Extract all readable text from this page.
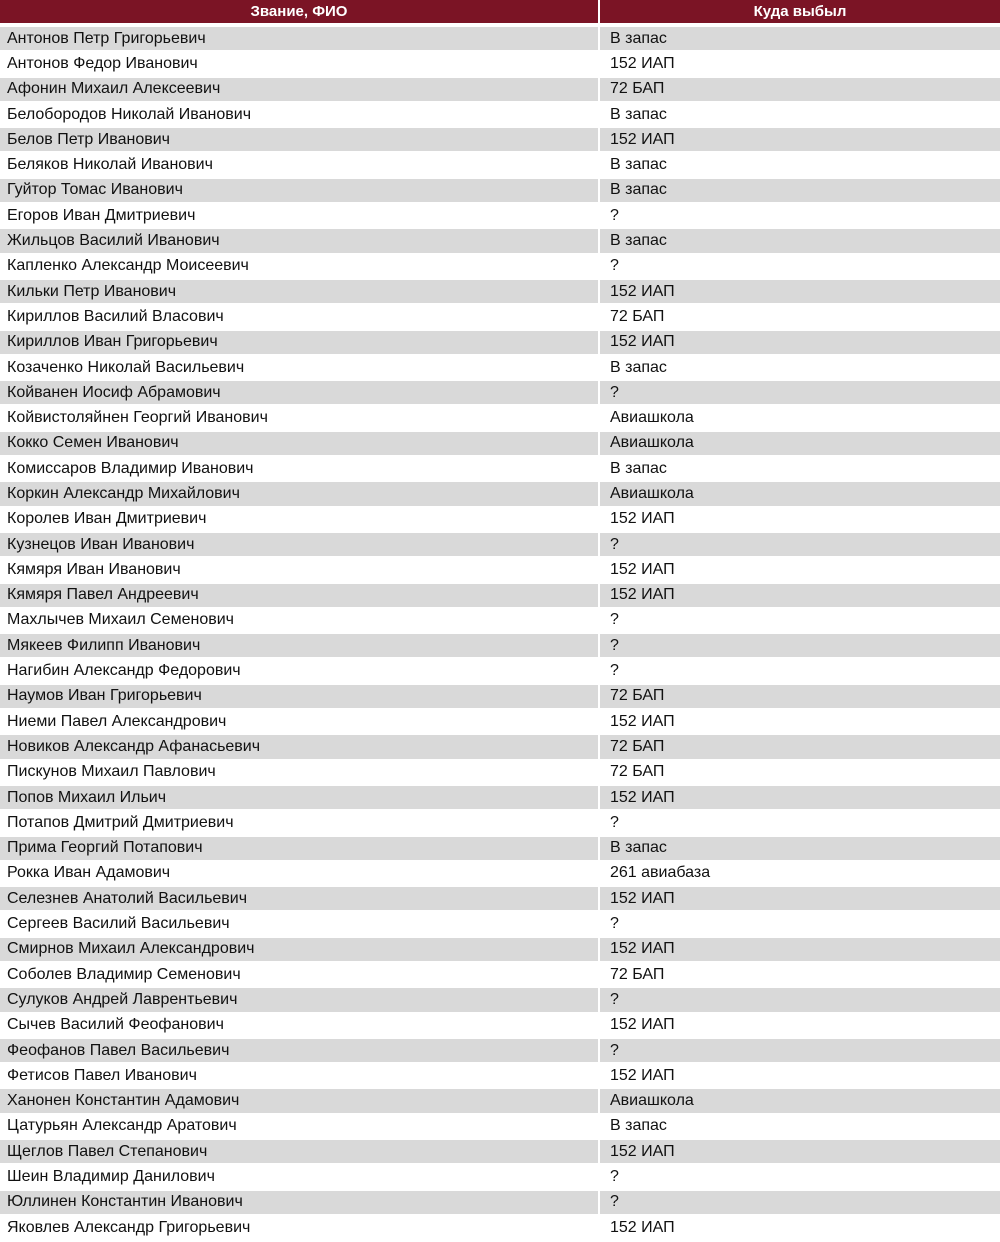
Звание, ФИО	Куда выбыл
Антонов Петр Григорьевич	В запас
Антонов Федор Иванович	152 ИАП
Афонин Михаил Алексеевич	72 БАП
Белобородов Николай Иванович	В запас
Белов Петр Иванович	152 ИАП
Беляков Николай Иванович	В запас
Гуйтор Томас Иванович	В запас
Егоров Иван Дмитриевич	?
Жильцов Василий Иванович	В запас
Капленко Александр Моисеевич	?
Кильки Петр Иванович	152 ИАП
Кириллов Василий Власович	72 БАП
Кириллов Иван Григорьевич	152 ИАП
Козаченко Николай Васильевич	В запас
Койванен Иосиф Абрамович	?
Койвистоляйнен Георгий Иванович	Авиашкола
Кокко Семен Иванович	Авиашкола
Комиссаров Владимир Иванович	В запас
Коркин Александр Михайлович	Авиашкола
Королев Иван Дмитриевич	152 ИАП
Кузнецов Иван Иванович	?
Кямяря Иван Иванович	152 ИАП
Кямяря Павел Андреевич	152 ИАП
Махлычев Михаил Семенович	?
Мякеев Филипп Иванович	?
Нагибин Александр Федорович	?
Наумов Иван Григорьевич	72 БАП
Ниеми Павел Александрович	152 ИАП
Новиков Александр Афанасьевич	72 БАП
Пискунов Михаил Павлович	72 БАП
Попов Михаил Ильич	152 ИАП
Потапов Дмитрий Дмитриевич	?
Прима Георгий Потапович	В запас
Рокка Иван Адамович	261 авиабаза
Селезнев Анатолий Васильевич	152 ИАП
Сергеев Василий Васильевич	?
Смирнов Михаил Александрович	152 ИАП
Соболев Владимир Семенович	72 БАП
Сулуков Андрей Лаврентьевич	?
Сычев Василий Феофанович	152 ИАП
Феофанов Павел Васильевич	?
Фетисов Павел Иванович	152 ИАП
Ханонен Константин Адамович	Авиашкола
Цатурьян Александр Аратович	В запас
Щеглов Павел Степанович	152 ИАП
Шеин Владимир Данилович	?
Юллинен Константин Иванович	?
Яковлев Александр Григорьевич	152 ИАП
